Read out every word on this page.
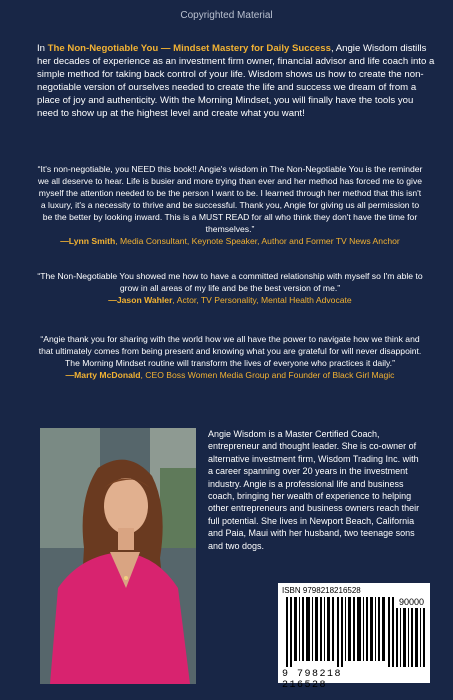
Copyrighted Material
In The Non-Negotiable You — Mindset Mastery for Daily Success, Angie Wisdom distills her decades of experience as an investment firm owner, financial advisor and life coach into a simple method for taking back control of your life. Wisdom shows us how to create the non-negotiable version of ourselves needed to create the life and success we dream of from a place of joy and authenticity. With the Morning Mindset, you will finally have the tools you need to show up at the highest level and create what you want!
“It's non-negotiable, you NEED this book!! Angie's wisdom in The Non-Negotiable You is the reminder we all deserve to hear. Life is busier and more trying than ever and her method has forced me to give myself the attention needed to be the person I want to be. I learned through her method that this isn't a luxury, it's a necessity to thrive and be successful. Thank you, Angie for giving us all permission to be the better by looking inward. This is a MUST READ for all who think they don't have the time for themselves.”
—Lynn Smith, Media Consultant, Keynote Speaker, Author and Former TV News Anchor
“The Non-Negotiable You showed me how to have a committed relationship with myself so I'm able to grow in all areas of my life and be the best version of me.”
—Jason Wahler, Actor, TV Personality, Mental Health Advocate
“Angie thank you for sharing with the world how we all have the power to navigate how we think and that ultimately comes from being present and knowing what you are grateful for will never disappoint. The Morning Mindset routine will transform the lives of everyone who practices it daily.”
—Marty McDonald, CEO Boss Women Media Group and Founder of Black Girl Magic
Angie Wisdom is a Master Certified Coach, entrepreneur and thought leader. She is co-owner of alternative investment firm, Wisdom Trading Inc. with a career spanning over 20 years in the investment industry. Angie is a professional life and business coach, bringing her wealth of experience to helping other entrepreneurs and business owners reach their full potential. She lives in Newport Beach, California and Paia, Maui with her husband, two teenage sons and two dogs.
ISBN 9798218216528
90000
9 798218 216528
